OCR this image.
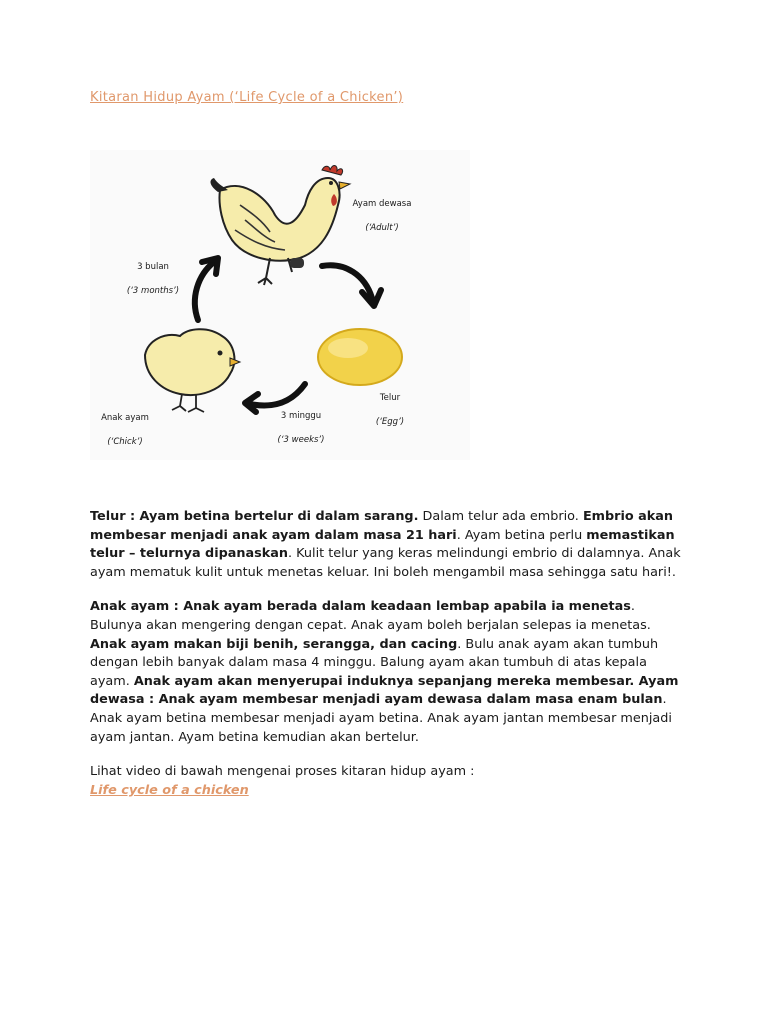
Kitaran Hidup Ayam (‘Life Cycle of a Chicken’)
Ayam dewasa
(‘Adult’)
Telur
(‘Egg’)
3 minggu
(‘3 weeks’)
Anak ayam
(‘Chick’)
3 bulan
(‘3 months’)

Telur : Ayam betina bertelur di dalam sarang. Dalam telur ada embrio. Embrio akan membesar menjadi anak ayam dalam masa 21 hari. Ayam betina perlu memastikan telur – telurnya dipanaskan. Kulit telur yang keras melindungi embrio di dalamnya. Anak ayam mematuk kulit untuk menetas keluar. Ini boleh mengambil masa sehingga satu hari!.

Anak ayam : Anak ayam berada dalam keadaan lembap apabila ia menetas. Bulunya akan mengering dengan cepat. Anak ayam boleh berjalan selepas ia menetas. Anak ayam makan biji benih, serangga, dan cacing. Bulu anak ayam akan tumbuh dengan lebih banyak dalam masa 4 minggu. Balung ayam akan tumbuh di atas kepala ayam. Anak ayam akan menyerupai induknya sepanjang mereka membesar. Ayam dewasa : Anak ayam membesar menjadi ayam dewasa dalam masa enam bulan. Anak ayam betina membesar menjadi ayam betina. Anak ayam jantan membesar menjadi ayam jantan. Ayam betina kemudian akan bertelur.

Lihat video di bawah mengenai proses kitaran hidup ayam :
Life cycle of a chicken
